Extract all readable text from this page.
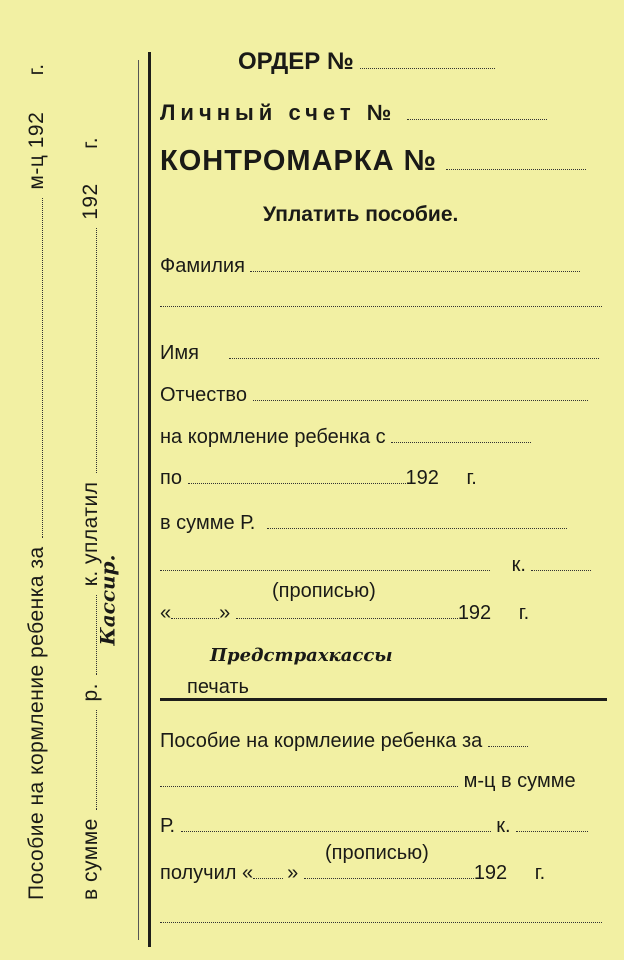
Пособие на кормление ребенка за  м-ц 192 г.
в сумме  р.  к. уплатил  192 г.
Кассир.
ОРДЕР №
Личный счет №
КОНТРОМАРКА №
Уплатить пособие.
Фамилия
Имя
Отчество
на кормление ребенка с
по	192 г.
в сумме Р.
к.
(прописью)
« »	192 г.
Предстраxкассы
печать
Пособие на кормлеиие ребенка за
м-ц в сумме
Р.	к.
(прописью)
получил « »	192 г.
